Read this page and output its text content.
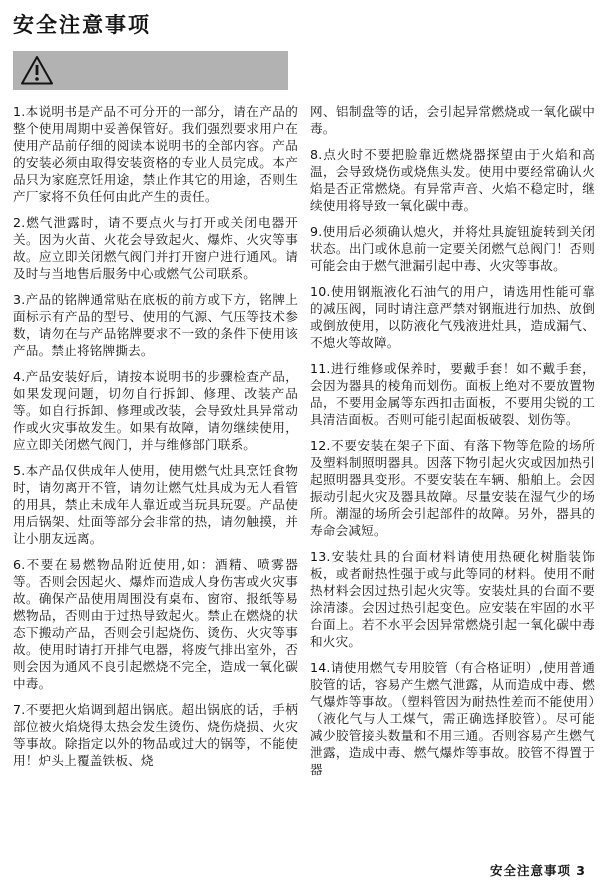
安全注意事项

1.本说明书是产品不可分开的一部分，请在产品的整个使用周期中妥善保管好。我们强烈要求用户在使用产品前仔细的阅读本说明书的全部内容。产品的安装必须由取得安装资格的专业人员完成。本产品只为家庭烹饪用途，禁止作其它的用途，否则生产厂家将不负任何由此产生的责任。

2.燃气泄露时，请不要点火与打开或关闭电器开关。因为火苗、火花会导致起火、爆炸、火灾等事故。应立即关闭燃气阀门并打开窗户进行通风。请及时与当地售后服务中心或燃气公司联系。

3.产品的铭牌通常贴在底板的前方或下方，铭牌上面标示有产品的型号、使用的气源、气压等技术参数，请勿在与产品铭牌要求不一致的条件下使用该产品。禁止将铭牌撕去。

4.产品安装好后，请按本说明书的步骤检查产品，如果发现问题，切勿自行拆卸、修理、改装产品等。如自行拆卸、修理或改装，会导致灶具异常动作或火灾事故发生。如果有故障，请勿继续使用，应立即关闭燃气阀门，并与维修部门联系。

5.本产品仅供成年人使用，使用燃气灶具烹饪食物时，请勿离开不管，请勿让燃气灶具成为无人看管的用具，禁止未成年人靠近或当玩具玩耍。产品使用后锅架、灶面等部分会非常的热，请勿触摸，并让小朋友远离。

6.不要在易燃物品附近使用,如：酒精、喷雾器等。否则会因起火、爆炸而造成人身伤害或火灾事故。确保产品使用周围没有桌布、窗帘、报纸等易燃物品，否则由于过热导致起火。禁止在燃烧的状态下搬动产品，否则会引起烧伤、烫伤、火灾等事故。使用时请打开排气电器，将废气排出室外，否则会因为通风不良引起燃烧不完全，造成一氧化碳中毒。

7.不要把火焰调到超出锅底。超出锅底的话，手柄部位被火焰烧得太热会发生烫伤、烧伤烧损、火灾等事故。除指定以外的物品或过大的锅等，不能使用！炉头上覆盖铁板、烧

网、铝制盘等的话，会引起异常燃烧或一氧化碳中毒。

8.点火时不要把脸靠近燃烧器探望由于火焰和高温，会导致烧伤或烧焦头发。使用中要经常确认火焰是否正常燃烧。有异常声音、火焰不稳定时，继续使用将导致一氧化碳中毒。

9.使用后必须确认熄火，并将灶具旋钮旋转到关闭状态。出门或休息前一定要关闭燃气总阀门！否则可能会由于燃气泄漏引起中毒、火灾等事故。

10.使用钢瓶液化石油气的用户，请选用性能可靠的减压阀，同时请注意严禁对钢瓶进行加热、放倒或倒放使用，以防液化气残液进灶具，造成漏气、不熄火等故障。

11.进行维修或保养时，要戴手套！如不戴手套，会因为器具的棱角而划伤。面板上绝对不要放置物品，不要用金属等东西扣击面板，不要用尖锐的工具清洁面板。否则可能引起面板破裂、划伤等。

12.不要安装在架子下面、有落下物等危险的场所及塑料制照明器具。因落下物引起火灾或因加热引起照明器具变形。不要安装在车辆、船舶上。会因振动引起火灾及器具故障。尽量安装在湿气少的场所。潮湿的场所会引起部件的故障。另外，器具的寿命会减短。

13.安装灶具的台面材料请使用热硬化树脂装饰板，或者耐热性强于或与此等同的材料。使用不耐热材料会因过热引起火灾等。安装灶具的台面不要涂清漆。会因过热引起变色。应安装在牢固的水平台面上。若不水平会因异常燃烧引起一氧化碳中毒和火灾。

14.请使用燃气专用胶管（有合格证明）,使用普通胶管的话，容易产生燃气泄露，从而造成中毒、燃气爆炸等事故。（塑料管因为耐热性差而不能使用）（液化气与人工煤气，需正确选择胶管）。尽可能减少胶管接头数量和不用三通。否则容易产生燃气泄露，造成中毒、燃气爆炸等事故。胶管不得置于器

安全注意事项 3
